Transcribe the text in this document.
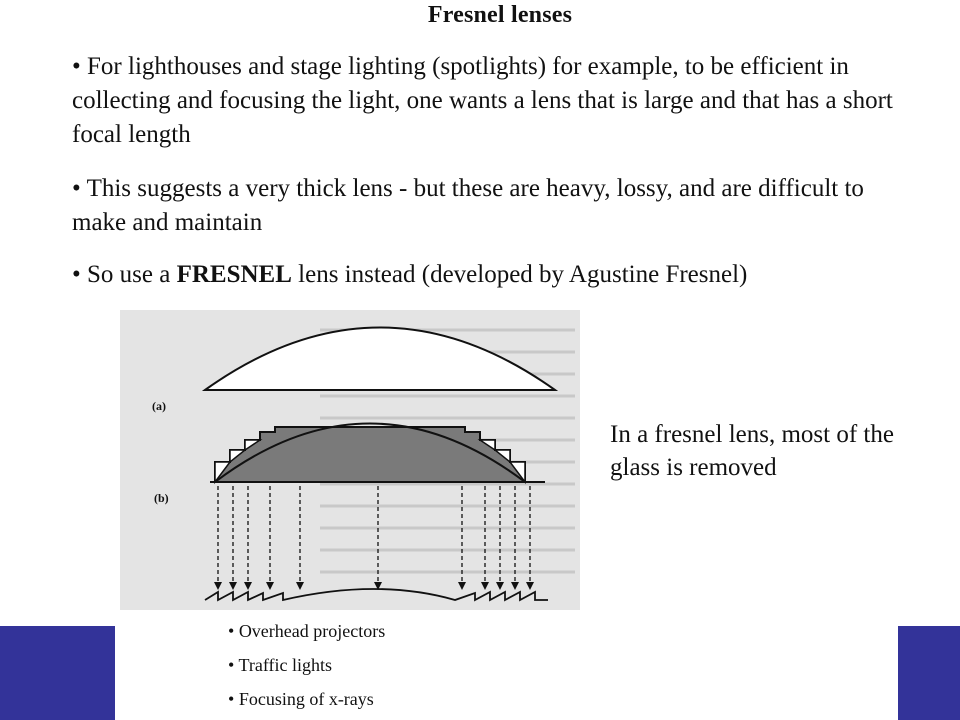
Fresnel lenses
• For lighthouses and stage lighting (spotlights) for example, to be efficient in collecting and focusing the light, one wants a lens that is large and that has a short focal length
• This suggests a very thick lens - but these are heavy, lossy, and are difficult to make and maintain
• So use a FRESNEL lens instead (developed by Agustine Fresnel)
(a)
(b)
In a fresnel lens, most of the glass is removed
• Overhead projectors
• Traffic lights
• Focusing of x-rays
